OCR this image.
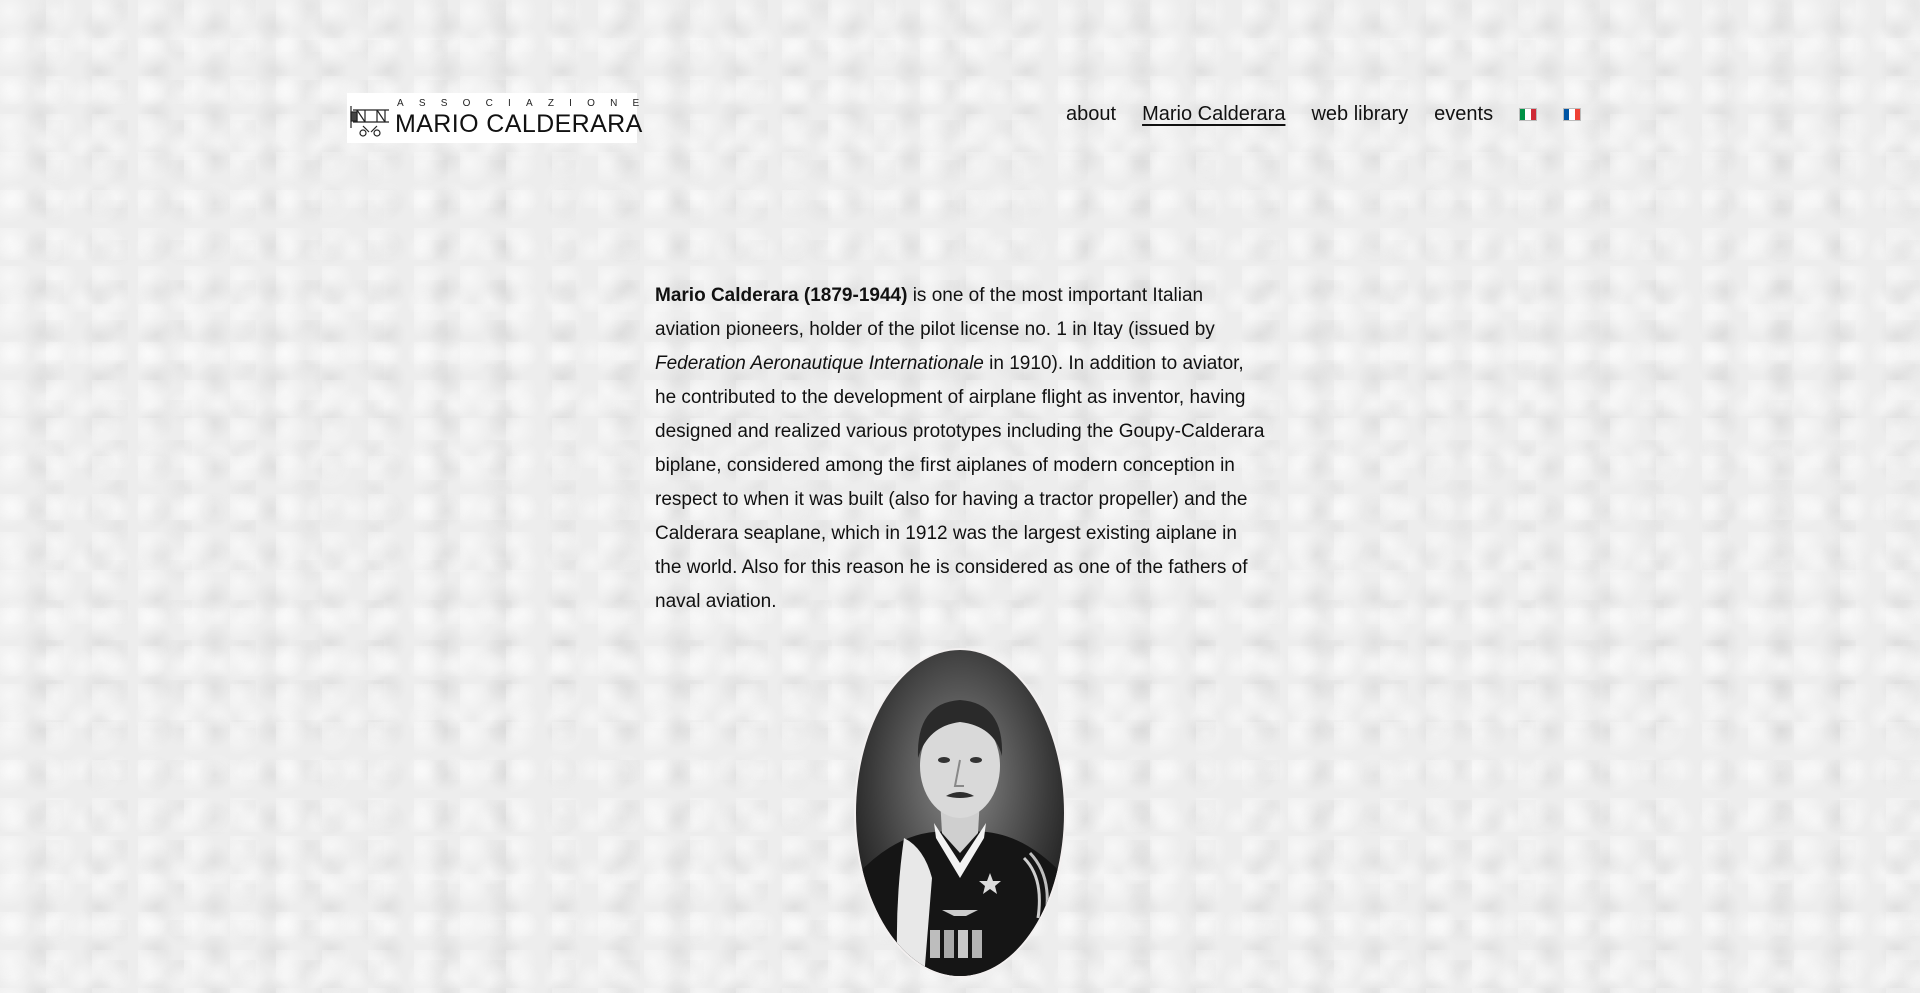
ASSOCIAZIONE
MARIO CALDERARA	about Mario Calderara web library events

Mario Calderara (1879-1944) is one of the most important Italian aviation pioneers, holder of the pilot license no. 1 in Itay (issued by Federation Aeronautique Internationale in 1910). In addition to aviator, he contributed to the development of airplane flight as inventor, having designed and realized various prototypes including the Goupy-Calderara biplane, considered among the first aiplanes of modern conception in respect to when it was built (also for having a tractor propeller) and the Calderara seaplane, which in 1912 was the largest existing aiplane in the world. Also for this reason he is considered as one of the fathers of naval aviation.
